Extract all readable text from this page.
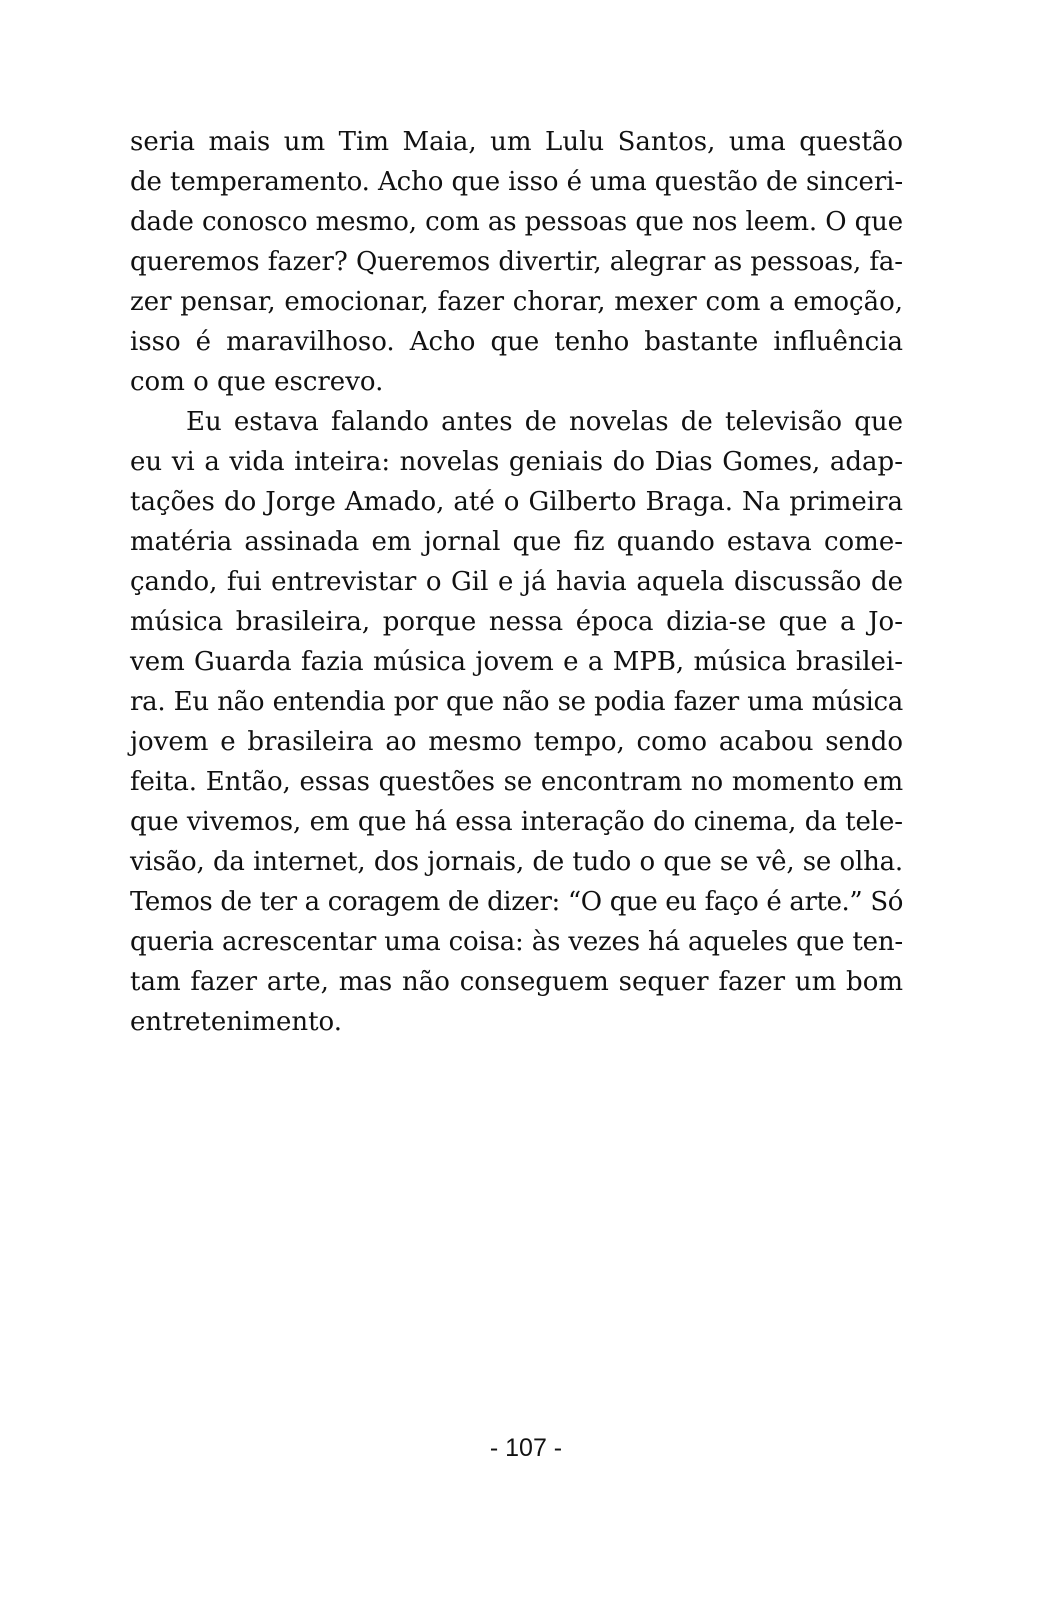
seria mais um Tim Maia, um Lulu Santos, uma questão
de temperamento. Acho que isso é uma questão de sinceri-
dade conosco mesmo, com as pessoas que nos leem. O que
queremos fazer? Queremos divertir, alegrar as pessoas, fa-
zer pensar, emocionar, fazer chorar, mexer com a emoção,
isso é maravilhoso. Acho que tenho bastante influência
com o que escrevo.
Eu estava falando antes de novelas de televisão que
eu vi a vida inteira: novelas geniais do Dias Gomes, adap-
tações do Jorge Amado, até o Gilberto Braga. Na primeira
matéria assinada em jornal que fiz quando estava come-
çando, fui entrevistar o Gil e já havia aquela discussão de
música brasileira, porque nessa época dizia-se que a Jo-
vem Guarda fazia música jovem e a MPB, música brasilei-
ra. Eu não entendia por que não se podia fazer uma música
jovem e brasileira ao mesmo tempo, como acabou sendo
feita. Então, essas questões se encontram no momento em
que vivemos, em que há essa interação do cinema, da tele-
visão, da internet, dos jornais, de tudo o que se vê, se olha.
Temos de ter a coragem de dizer: “O que eu faço é arte.” Só
queria acrescentar uma coisa: às vezes há aqueles que ten-
tam fazer arte, mas não conseguem sequer fazer um bom
entretenimento.
- 107 -
